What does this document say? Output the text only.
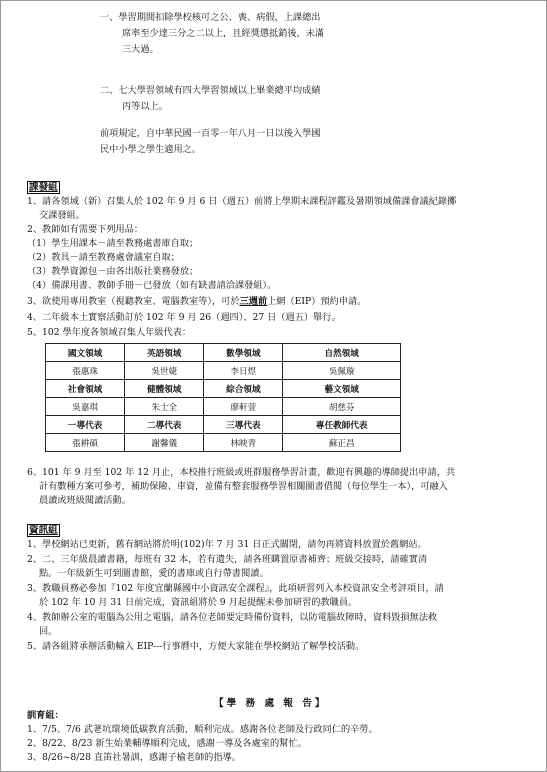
一、學習期間扣除學校核可之公、喪、病假，上課總出
席率至少達三分之二以上，且經獎懲抵銷後，未滿
三大過。
二、七大學習領域有四大學習領域以上畢業總平均成績
丙等以上。
前項規定，自中華民國一百零一年八月一日以後入學國
民中小學之學生適用之。
課發組
1、請各領域（新）召集人於 102 年 9 月 6 日（週五）前將上學期末課程評鑑及暑期領域備課會議紀錄擲
交課發組。
2、教師如有需要下列用品：
（1）學生用課本－請至教務處書庫自取；
（2）教具－請至教務處會議室自取；
（3）教學資源包－由各出版社業務發放；
（4）備課用書、教師手冊－已發放（如有缺書請洽課發組）。
3、欲使用專用教室（視聽教室、電腦教室等），可於三週前上網（EIP）預約申請。
4、二年級本土實察活動訂於 102 年 9 月 26（週四）、27 日（週五）舉行。
5、102 學年度各領域召集人年級代表：
國文領域	英語領域	數學領域	自然領域
張惠珠	吳世婕	李日煜	吳佩璇
社會領域	健體領域	綜合領域	藝文領域
吳嘉琪	朱士全	廖軒萱	胡慈芬
一導代表	二導代表	三導代表	專任教師代表
張耕碩	謝馨儀	林映青	蘇正昌
6、101 年 9 月至 102 年 12 月止，本校推行班級或班群服務學習計畫，歡迎有興趣的導師提出申請，共
計有數種方案可參考，補助保險、車資，並備有整套服務學習相關圖書借閱（每位學生一本），可融入
晨讀或班級閱讀活動。
資訊組
1、學校網站已更新，舊有網站將於明(102)年 7 月 31 日正式關閉，請勿再將資料放置於舊網站。
2、二、三年級晨讀書籍，每班有 32 本，若有遺失，請各班購置原書補齊；班級交接時，請確實清
點。一年級新生可到圖書館，愛的書庫或自行帶書閱讀。
3、教職員務必參加『102 年度宜蘭縣國中小資訊安全課程』，此項研習列入本校資訊安全考評項目，請
於 102 年 10 月 31 日前完成，資訊組將於 9 月起提醒未參加研習的教職員。
4、教師辦公室的電腦為公用之電腦，請各位老師要定時備份資料，以防電腦故障時，資料毀損無法救
回。
5、請各組將承辦活動輸入 EIP---行事曆中，方便大家能在學校網站了解學校活動。
【學 務 處 報 告】
訓育組：
1、7/5、7/6 武荖坑環境低碳教育活動，順利完成。感謝各位老師及行政同仁的辛勞。
2、8/22、8/23 新生始業輔導順利完成，感謝一導及各處室的幫忙。
3、8/26~8/28 直笛社暑訓，感謝子榆老師的指導。
